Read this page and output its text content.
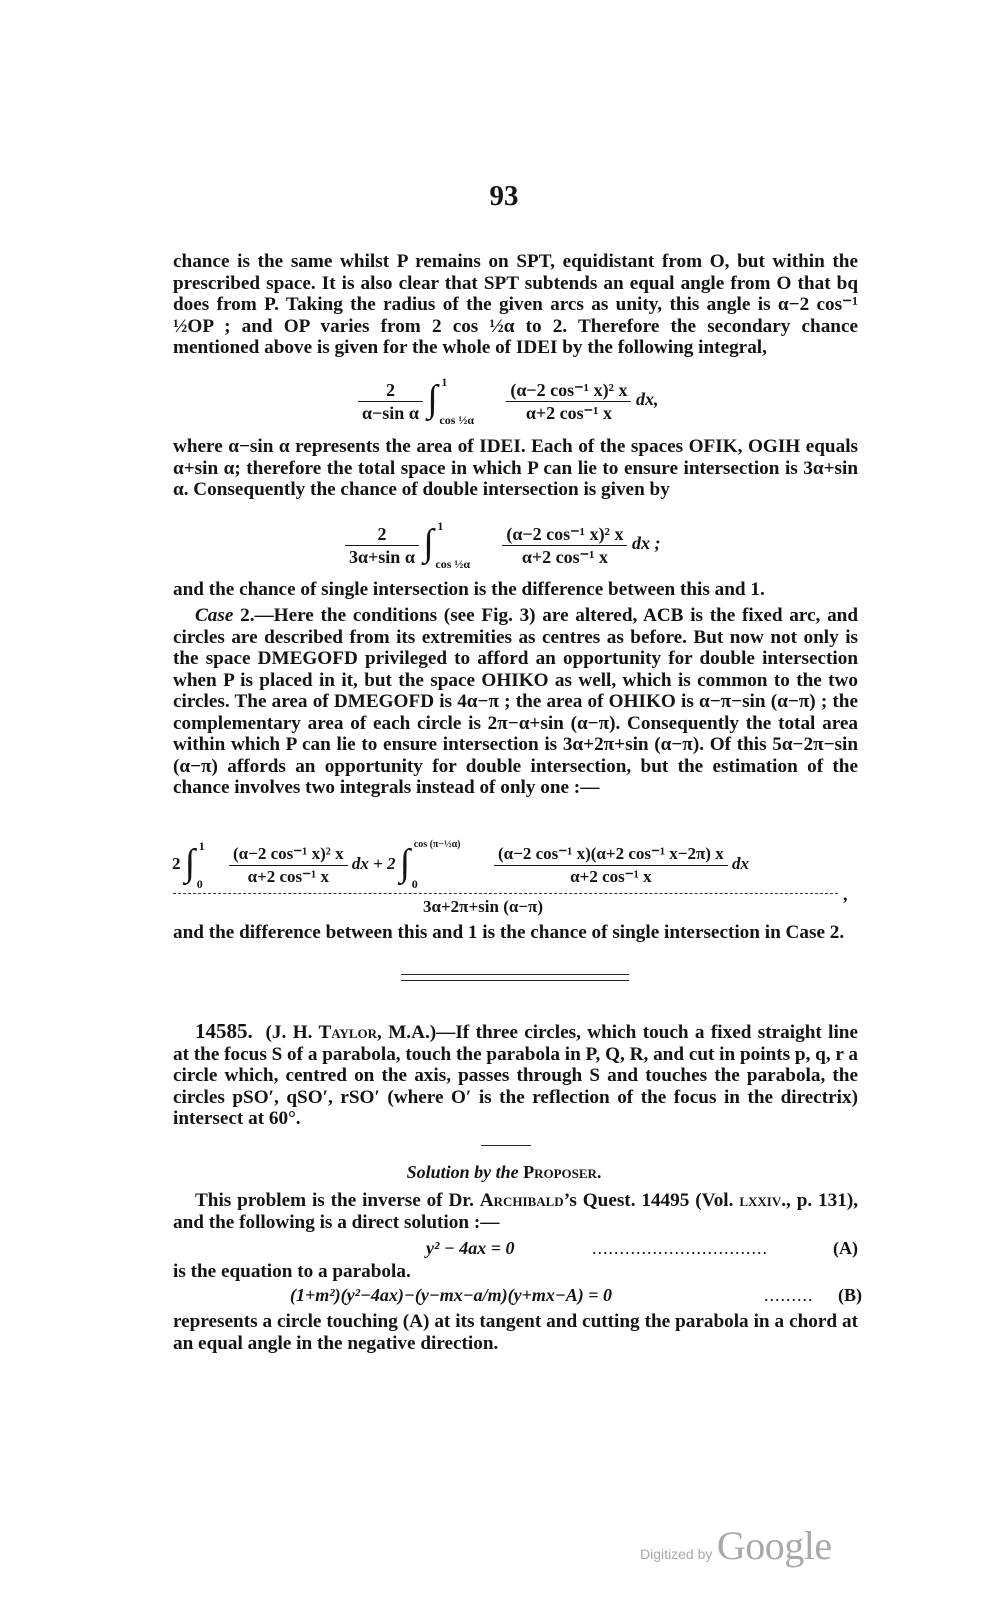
93

chance is the same whilst P remains on SPT, equidistant from O, but within the prescribed space. It is also clear that SPT subtends an equal angle from O that bq does from P. Taking the radius of the given arcs as unity, this angle is α−2 cos⁻¹ ½OP ; and OP varies from 2 cos ½α to 2. Therefore the secondary chance mentioned above is given for the whole of IDEI by the following integral,

$\frac{2}{\text{α−sin α}}$
∫ 1
cos ½α
$\frac{\text{(α−2 cos⁻¹ x)² x}}{\text{α+2 cos⁻¹ x}}$ dx,

where α−sin α represents the area of IDEI. Each of the spaces OFIK, OGIH equals α+sin α; therefore the total space in which P can lie to ensure intersection is 3α+sin α. Consequently the chance of double intersection is given by

$\frac{2}{\text{3α+sin α}}$
∫ 1
cos ½α
$\frac{\text{(α−2 cos⁻¹ x)² x}}{\text{α+2 cos⁻¹ x}}$ dx ;

and the chance of single intersection is the difference between this and 1.

Case 2.—Here the conditions (see Fig. 3) are altered, ACB is the fixed arc, and circles are described from its extremities as centres as before. But now not only is the space DMEGOFD privileged to afford an opportunity for double intersection when P is placed in it, but the space OHIKO as well, which is common to the two circles. The area of DMEGOFD is 4α−π ; the area of OHIKO is α−π−sin (α−π) ; the complementary area of each circle is 2π−α+sin (α−π). Consequently the total area within which P can lie to ensure intersection is 3α+2π+sin (α−π). Of this 5α−2π−sin (α−π) affords an opportunity for double intersection, but the estimation of the chance involves two integrals instead of only one :—

2 ∫ 1
0
$\frac{\text{(α−2 cos⁻¹ x)² x}}{\text{α+2 cos⁻¹ x}}$ dx + 2 ∫ cos (π−½α)
0
	$\frac{\text{(α−2 cos⁻¹ x)(α+2 cos⁻¹ x−2π) x}}{\text{α+2 cos⁻¹ x}}$ dx
3α+2π+sin (α−π)
,

and the difference between this and 1 is the chance of single intersection in Case 2.

14585. (J. H. Taylor, M.A.)—If three circles, which touch a fixed straight line at the focus S of a parabola, touch the parabola in P, Q, R, and cut in points p, q, r a circle which, centred on the axis, passes through S and touches the parabola, the circles pSO′, qSO′, rSO′ (where O′ is the reflection of the focus in the directrix) intersect at 60°.

Solution by the Proposer.

This problem is the inverse of Dr. Archibald’s Quest. 14495 (Vol. lxxiv., p. 131), and the following is a direct solution :—

y² − 4ax = 0	................................	(A)

is the equation to a parabola.

(1+m²)(y²−4ax)−(y−mx−a/m)(y+mx−A) = 0	......... (B)

represents a circle touching (A) at its tangent and cutting the parabola in a chord at an equal angle in the negative direction.

Digitized by Google
